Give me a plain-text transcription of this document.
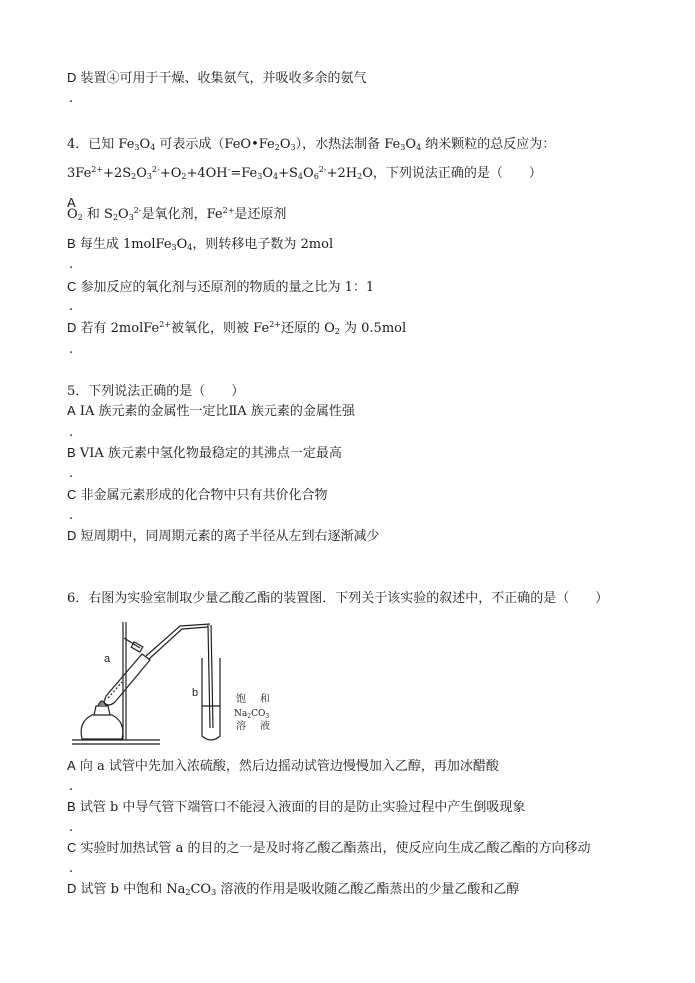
D 装置④可用于干燥、收集氨气，并吸收多余的氨气
.
4．已知 $Fe_3O_4$ 可表示成$(FeO•Fe_2O_3)$，水热法制备 $Fe_3O_4$ 纳米颗粒的总反应为：
$3Fe^{2+}+2S_2O_3^{2-}+O_2+4OH^-=Fe_3O_4+S_4O_6^{2-}+2H_2O$，下列说法正确的是（　　）
A
$O_2$ 和 $S_2O_3^{2-}$是氧化剂，$Fe^{2+}$是还原剂
B 每生成 $1molFe_3O_4$，则转移电子数为 2mol
.
C 参加反应的氧化剂与还原剂的物质的量之比为 1：1
.
D 若有 2molFe$^{2+}$被氧化，则被 $Fe^{2+}$还原的 $O_2$ 为 0.5mol
.
5．下列说法正确的是（　　）
A ⅠA 族元素的金属性一定比ⅡA 族元素的金属性强
.
B VIA 族元素中氢化物最稳定的其沸点一定最高
.
C 非金属元素形成的化合物中只有共价化合物
.
D 短周期中，同周期元素的离子半径从左到右逐渐减少
6．右图为实验室制取少量乙酸乙酯的装置图．下列关于该实验的叙述中，不正确的是（　　）
a
b
饱 和
$Na_2CO_3$
溶 液
A 向 a 试管中先加入浓硫酸，然后边摇动试管边慢慢加入乙醇，再加冰醋酸
.
B 试管 b 中导气管下端管口不能浸入液面的目的是防止实验过程中产生倒吸现象
.
C 实验时加热试管 a 的目的之一是及时将乙酸乙酯蒸出，使反应向生成乙酸乙酯的方向移动
.
D 试管 b 中饱和 $Na_2CO_3$ 溶液的作用是吸收随乙酸乙酯蒸出的少量乙酸和乙醇
